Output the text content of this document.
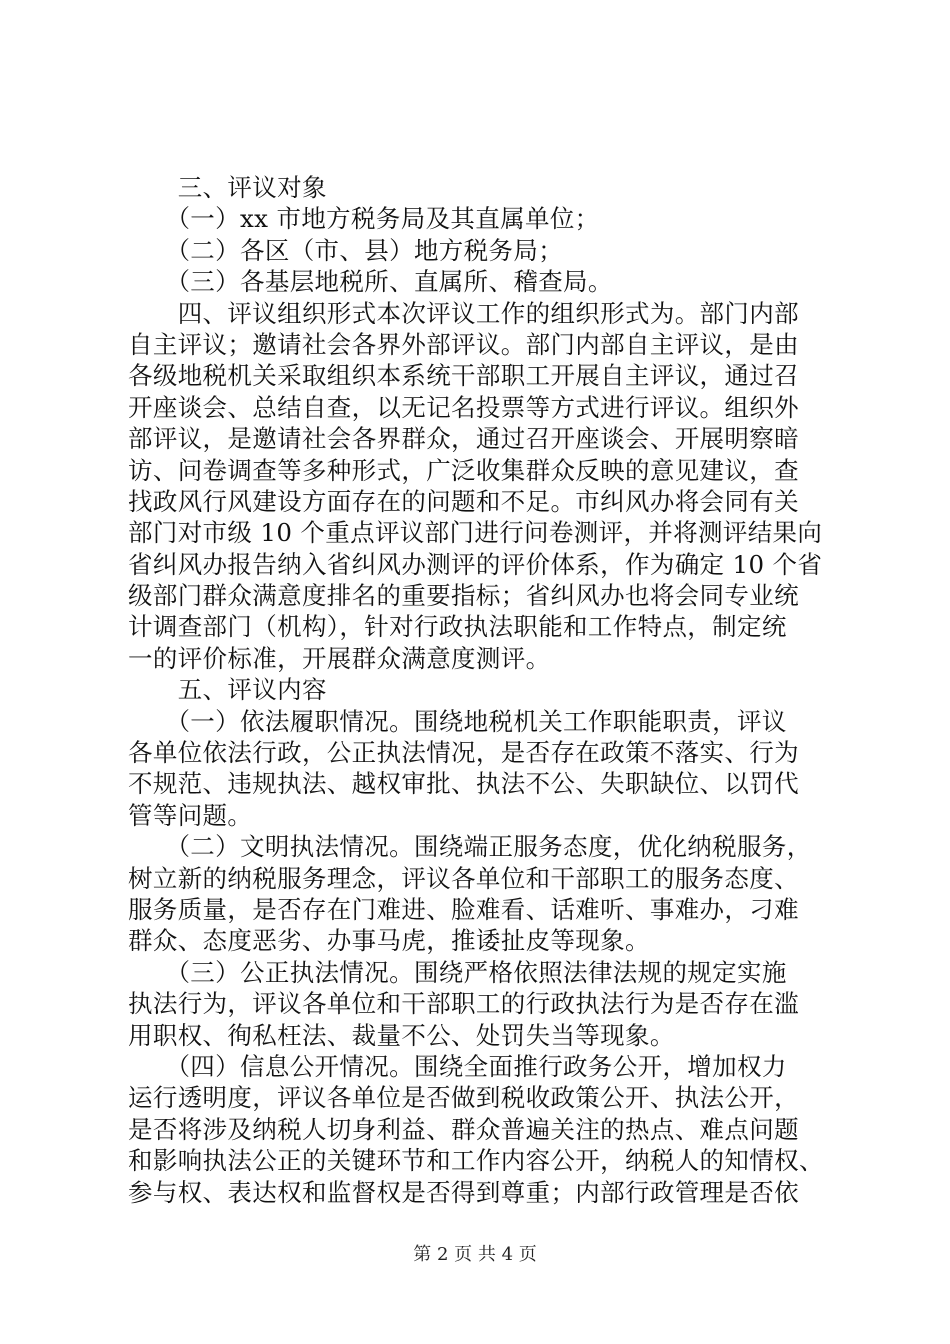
　　三、评议对象
　　（一）xx 市地方税务局及其直属单位；
　　（二）各区（市、县）地方税务局；
　　（三）各基层地税所、直属所、稽查局。
　　四、评议组织形式本次评议工作的组织形式为。部门内部
自主评议；邀请社会各界外部评议。部门内部自主评议，是由
各级地税机关采取组织本系统干部职工开展自主评议，通过召
开座谈会、总结自查，以无记名投票等方式进行评议。组织外
部评议，是邀请社会各界群众，通过召开座谈会、开展明察暗
访、问卷调查等多种形式，广泛收集群众反映的意见建议，查
找政风行风建设方面存在的问题和不足。市纠风办将会同有关
部门对市级 10 个重点评议部门进行问卷测评，并将测评结果向
省纠风办报告纳入省纠风办测评的评价体系，作为确定 10 个省
级部门群众满意度排名的重要指标；省纠风办也将会同专业统
计调查部门（机构），针对行政执法职能和工作特点，制定统
一的评价标准，开展群众满意度测评。
　　五、评议内容
　　（一）依法履职情况。围绕地税机关工作职能职责，评议
各单位依法行政，公正执法情况，是否存在政策不落实、行为
不规范、违规执法、越权审批、执法不公、失职缺位、以罚代
管等问题。
　　（二）文明执法情况。围绕端正服务态度，优化纳税服务，
树立新的纳税服务理念，评议各单位和干部职工的服务态度、
服务质量，是否存在门难进、脸难看、话难听、事难办，刁难
群众、态度恶劣、办事马虎，推诿扯皮等现象。
　　（三）公正执法情况。围绕严格依照法律法规的规定实施
执法行为，评议各单位和干部职工的行政执法行为是否存在滥
用职权、徇私枉法、裁量不公、处罚失当等现象。
　　（四）信息公开情况。围绕全面推行政务公开，增加权力
运行透明度，评议各单位是否做到税收政策公开、执法公开，
是否将涉及纳税人切身利益、群众普遍关注的热点、难点问题
和影响执法公正的关键环节和工作内容公开，纳税人的知情权、
参与权、表达权和监督权是否得到尊重；内部行政管理是否依
第 2 页 共 4 页
